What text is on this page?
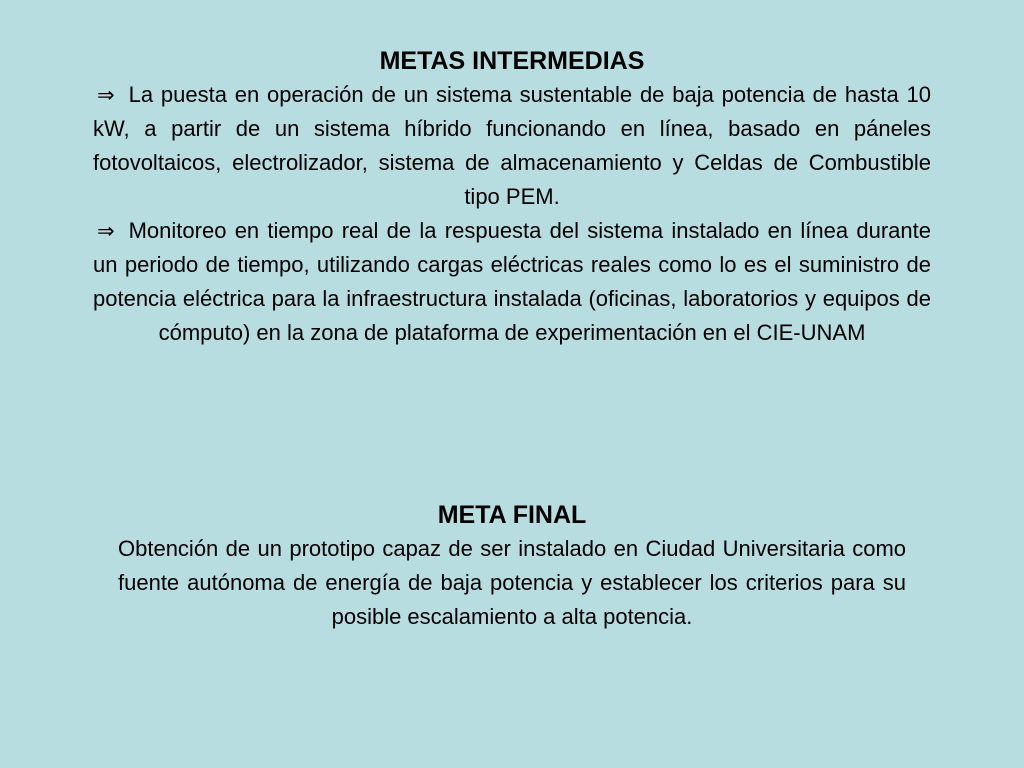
METAS INTERMEDIAS

⇒ La puesta en operación de un sistema sustentable de baja potencia de hasta 10 kW, a partir de un sistema híbrido funcionando en línea, basado en páneles fotovoltaicos, electrolizador, sistema de almacenamiento y Celdas de Combustible tipo PEM.

⇒ Monitoreo en tiempo real de la respuesta del sistema instalado en línea durante un periodo de tiempo, utilizando cargas eléctricas reales como lo es el suministro de potencia eléctrica para la infraestructura instalada (oficinas, laboratorios y equipos de cómputo) en la zona de plataforma de experimentación en el CIE-UNAM

META FINAL

Obtención de un prototipo capaz de ser instalado en Ciudad Universitaria como fuente autónoma de energía de baja potencia y establecer los criterios para su posible escalamiento a alta potencia.
